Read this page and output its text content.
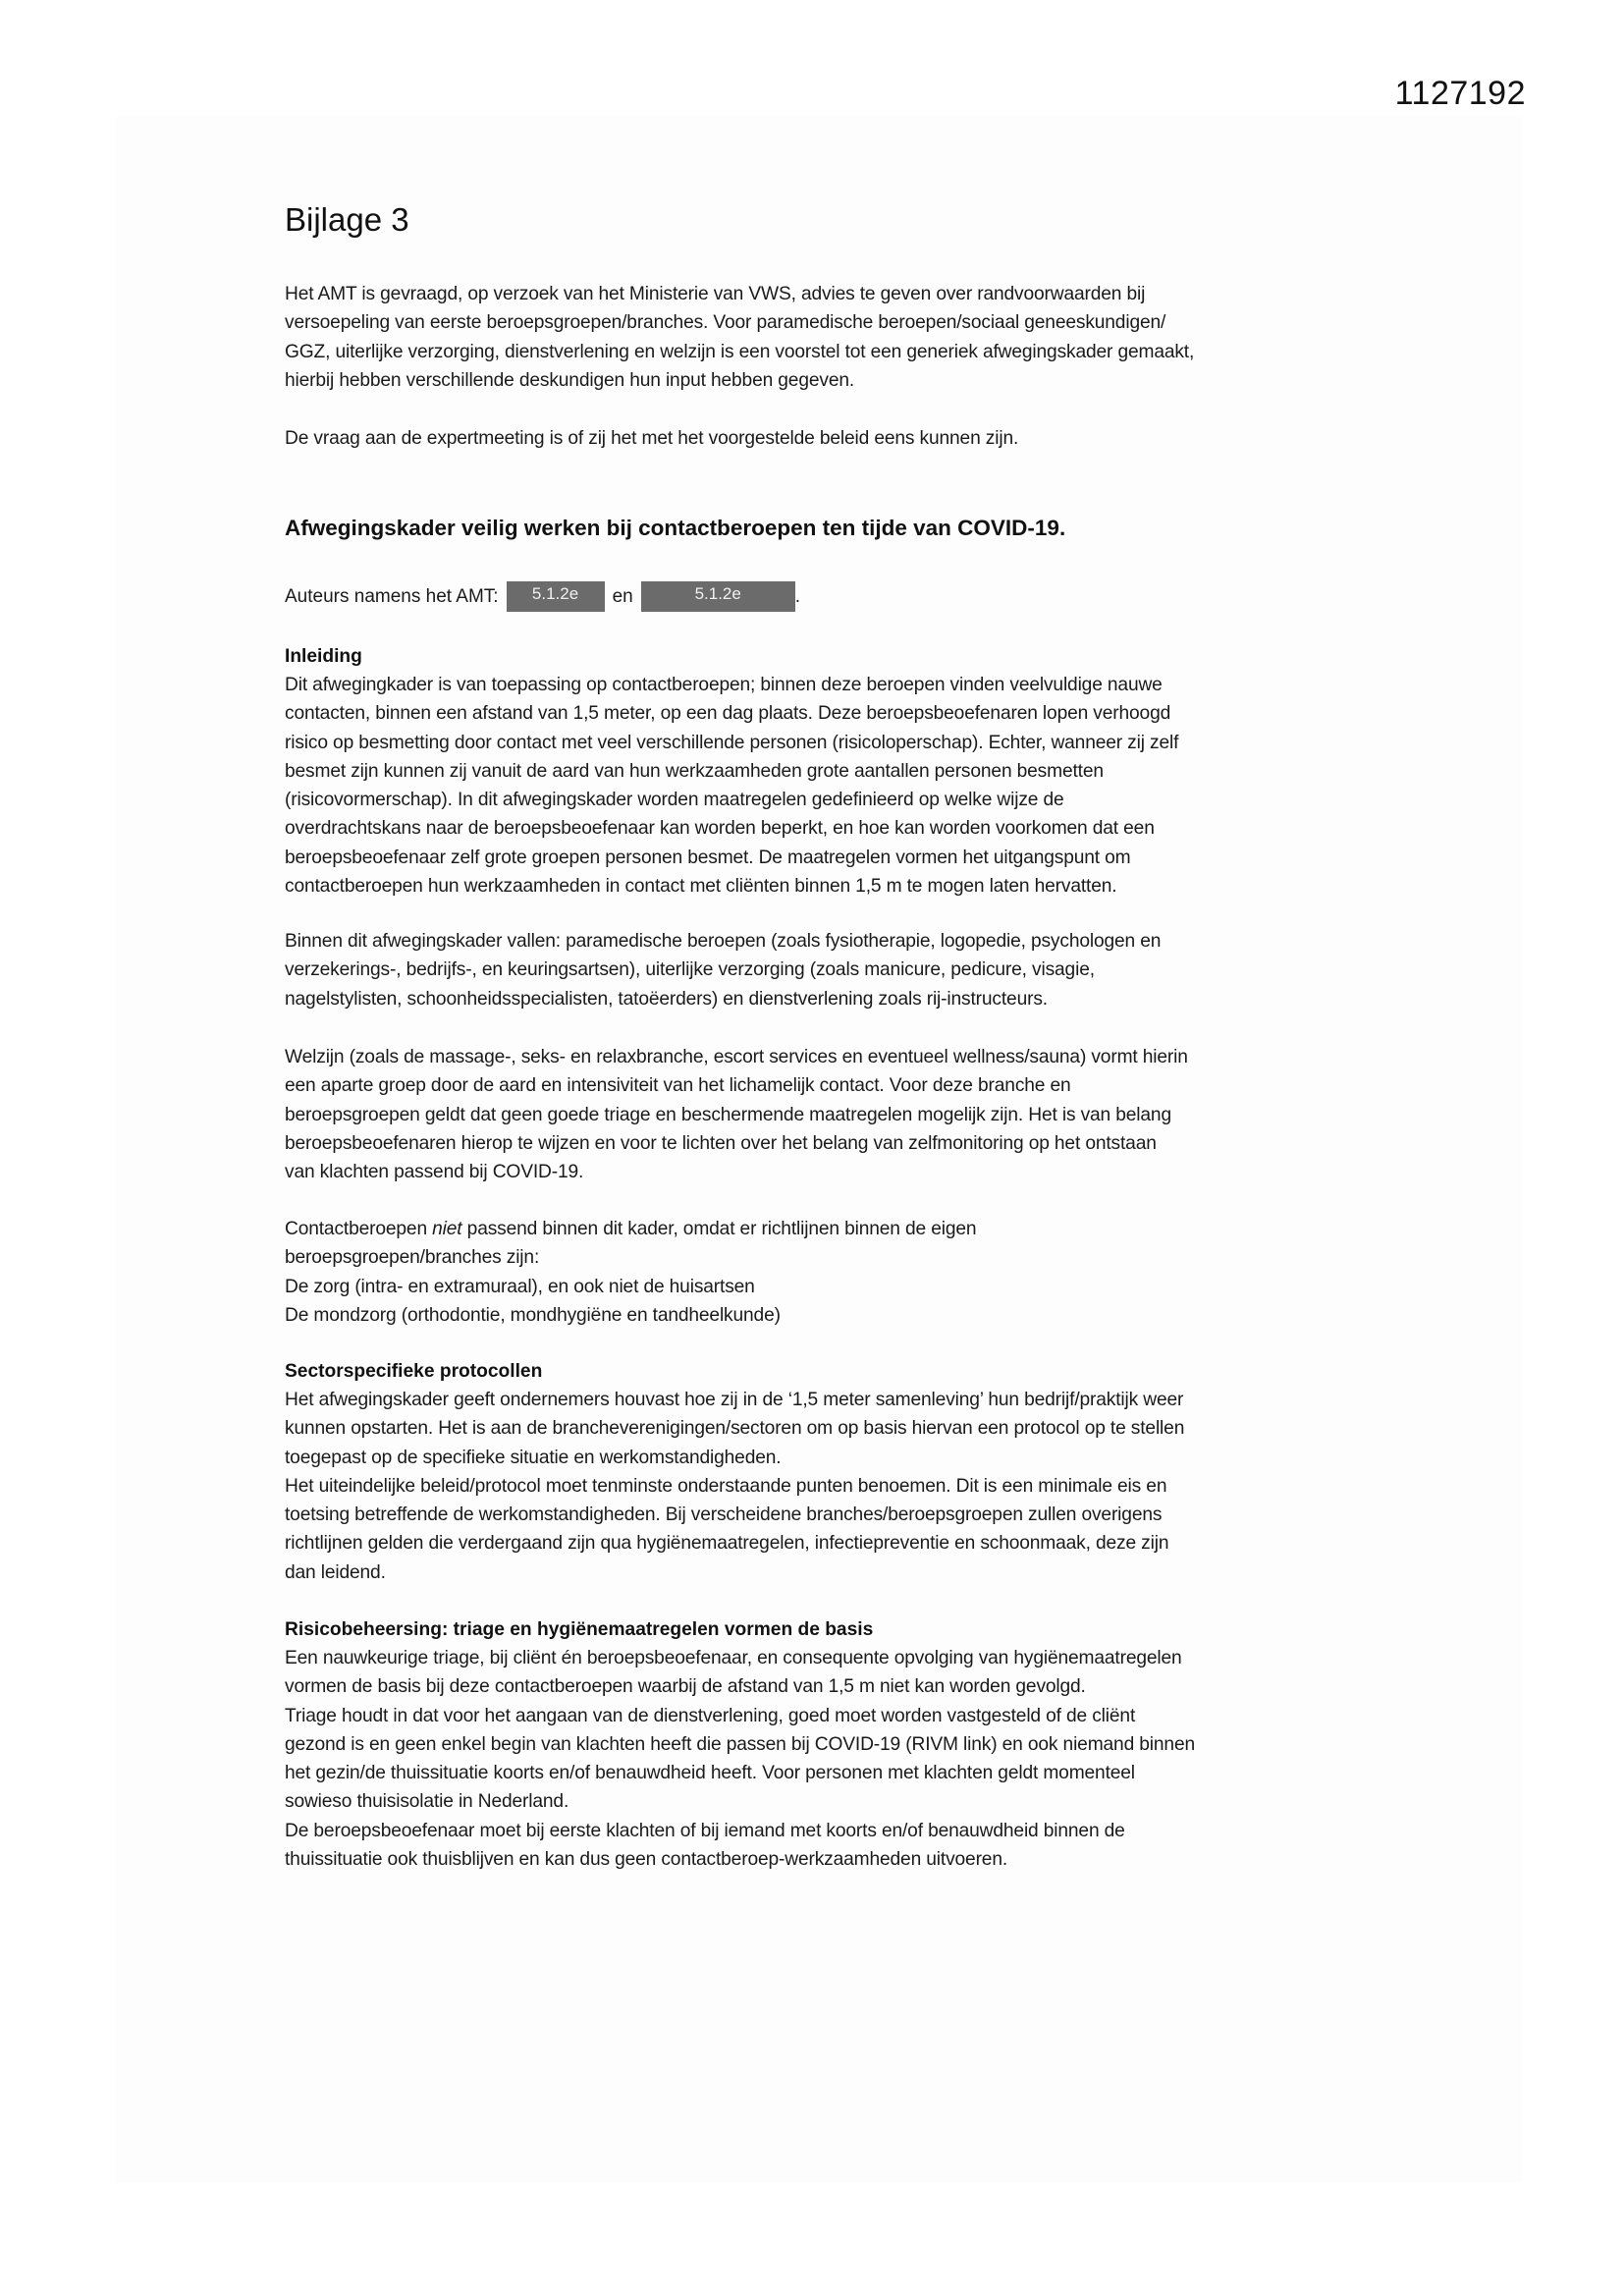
1127192
Bijlage 3

Het AMT is gevraagd, op verzoek van het Ministerie van VWS, advies te geven over randvoorwaarden bij
versoepeling van eerste beroepsgroepen/branches. Voor paramedische beroepen/sociaal geneeskundigen/
GGZ, uiterlijke verzorging, dienstverlening en welzijn is een voorstel tot een generiek afwegingskader gemaakt,
hierbij hebben verschillende deskundigen hun input hebben gegeven.

De vraag aan de expertmeeting is of zij het met het voorgestelde beleid eens kunnen zijn.

Afwegingskader veilig werken bij contactberoepen ten tijde van COVID-19.
Auteurs namens het AMT:	5.1.2e	en	5.1.2e	.
Inleiding

Dit afwegingkader is van toepassing op contactberoepen; binnen deze beroepen vinden veelvuldige nauwe
contacten, binnen een afstand van 1,5 meter, op een dag plaats. Deze beroepsbeoefenaren lopen verhoogd
risico op besmetting door contact met veel verschillende personen (risicoloperschap). Echter, wanneer zij zelf
besmet zijn kunnen zij vanuit de aard van hun werkzaamheden grote aantallen personen besmetten
(risicovormerschap). In dit afwegingskader worden maatregelen gedefinieerd op welke wijze de
overdrachtskans naar de beroepsbeoefenaar kan worden beperkt, en hoe kan worden voorkomen dat een
beroepsbeoefenaar zelf grote groepen personen besmet. De maatregelen vormen het uitgangspunt om
contactberoepen hun werkzaamheden in contact met cliënten binnen 1,5 m te mogen laten hervatten.

Binnen dit afwegingskader vallen: paramedische beroepen (zoals fysiotherapie, logopedie, psychologen en
verzekerings-, bedrijfs-, en keuringsartsen), uiterlijke verzorging (zoals manicure, pedicure, visagie,
nagelstylisten, schoonheidsspecialisten, tatoëerders) en dienstverlening zoals rij-instructeurs.

Welzijn (zoals de massage-, seks- en relaxbranche, escort services en eventueel wellness/sauna) vormt hierin
een aparte groep door de aard en intensiviteit van het lichamelijk contact. Voor deze branche en
beroepsgroepen geldt dat geen goede triage en beschermende maatregelen mogelijk zijn. Het is van belang
beroepsbeoefenaren hierop te wijzen en voor te lichten over het belang van zelfmonitoring op het ontstaan
van klachten passend bij COVID-19.

Contactberoepen niet passend binnen dit kader, omdat er richtlijnen binnen de eigen
beroepsgroepen/branches zijn:
De zorg (intra- en extramuraal), en ook niet de huisartsen
De mondzorg (orthodontie, mondhygiëne en tandheelkunde)

Sectorspecifieke protocollen

Het afwegingskader geeft ondernemers houvast hoe zij in de ‘1,5 meter samenleving’ hun bedrijf/praktijk weer
kunnen opstarten. Het is aan de brancheverenigingen/sectoren om op basis hiervan een protocol op te stellen
toegepast op de specifieke situatie en werkomstandigheden.
Het uiteindelijke beleid/protocol moet tenminste onderstaande punten benoemen. Dit is een minimale eis en
toetsing betreffende de werkomstandigheden. Bij verscheidene branches/beroepsgroepen zullen overigens
richtlijnen gelden die verdergaand zijn qua hygiënemaatregelen, infectiepreventie en schoonmaak, deze zijn
dan leidend.

Risicobeheersing: triage en hygiënemaatregelen vormen de basis

Een nauwkeurige triage, bij cliënt én beroepsbeoefenaar, en consequente opvolging van hygiënemaatregelen
vormen de basis bij deze contactberoepen waarbij de afstand van 1,5 m niet kan worden gevolgd.
Triage houdt in dat voor het aangaan van de dienstverlening, goed moet worden vastgesteld of de cliënt
gezond is en geen enkel begin van klachten heeft die passen bij COVID-19 (RIVM link) en ook niemand binnen
het gezin/de thuissituatie koorts en/of benauwdheid heeft. Voor personen met klachten geldt momenteel
sowieso thuisisolatie in Nederland.
De beroepsbeoefenaar moet bij eerste klachten of bij iemand met koorts en/of benauwdheid binnen de
thuissituatie ook thuisblijven en kan dus geen contactberoep-werkzaamheden uitvoeren.
